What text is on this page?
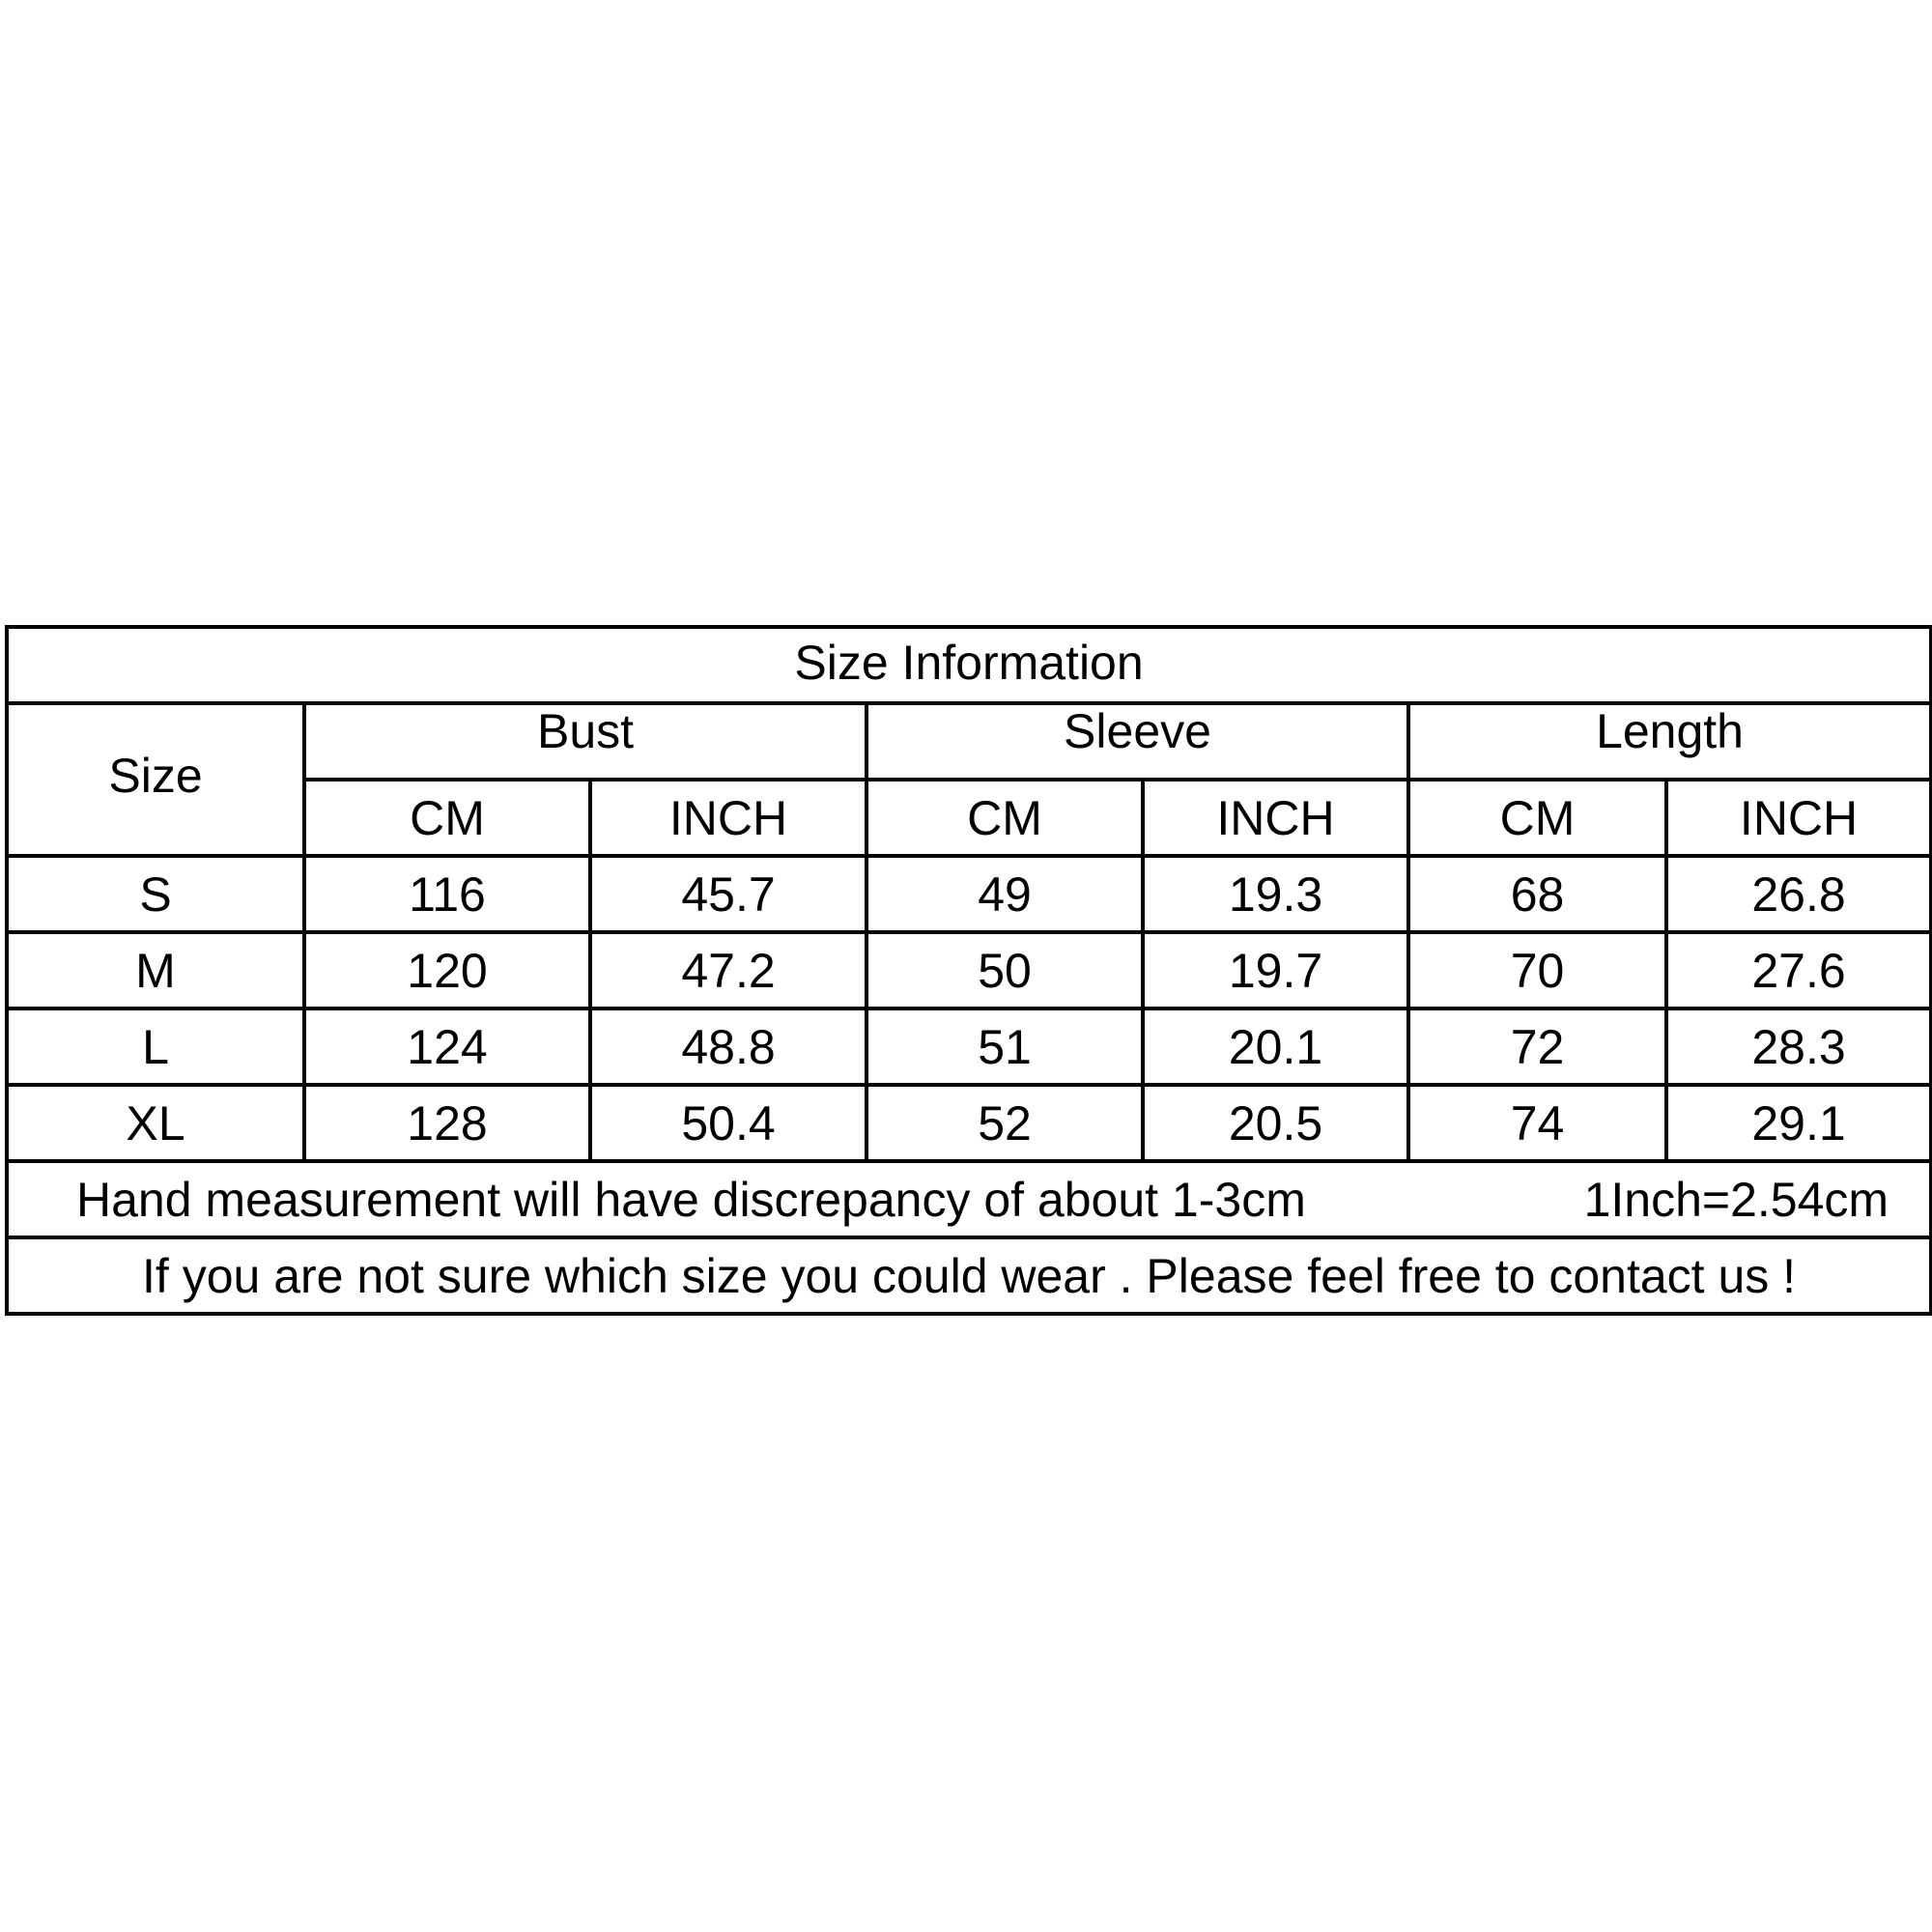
Size Information						
Size	Bust		Sleeve		Length	
	CM	INCH	CM	INCH	CM	INCH
S	116	45.7	49	19.3	68	26.8
M	120	47.2	50	19.7	70	27.6
L	124	48.8	51	20.1	72	28.3
XL	128	50.4	52	20.5	74	29.1

Hand measurement will have discrepancy of about 1-3cm 1Inch=2.54cm						

If you are not sure which size you could wear . Please feel free to contact us !						
